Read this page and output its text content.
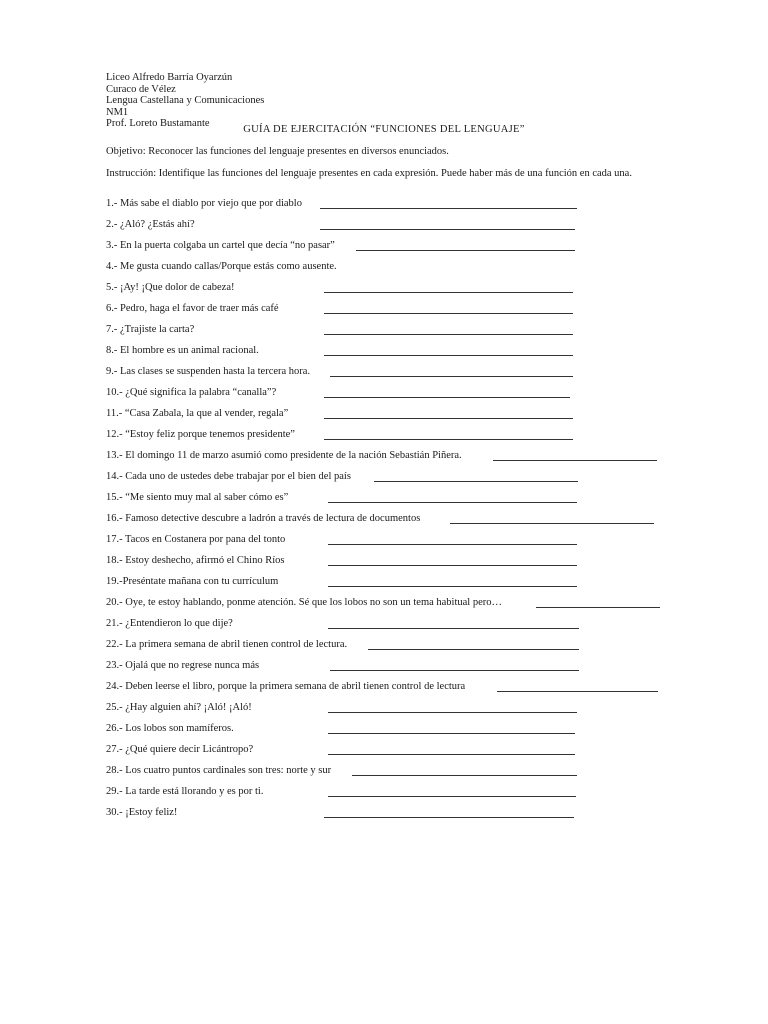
Liceo Alfredo Barría Oyarzún
Curaco de Vélez
Lengua Castellana y Comunicaciones
NM1
Prof. Loreto Bustamante
GUÍA DE EJERCITACIÓN “FUNCIONES DEL LENGUAJE”
Objetivo: Reconocer las funciones del lenguaje presentes en diversos enunciados.
Instrucción: Identifique las funciones del lenguaje presentes en cada expresión. Puede haber más de una función en cada una.
1.- Más sabe el diablo por viejo que por diablo
2.- ¿Aló? ¿Estás ahí?
3.- En la puerta colgaba un cartel que decía “no pasar”
4.- Me gusta cuando callas/Porque estás como ausente.
5.- ¡Ay! ¡Que dolor de cabeza!
6.- Pedro, haga el favor de traer más café
7.- ¿Trajiste la carta?
8.- El hombre es un animal racional.
9.- Las clases se suspenden hasta la tercera hora.
10.- ¿Qué significa la palabra “canalla”?
11.- “Casa Zabala, la que al vender, regala”
12.- “Estoy feliz porque tenemos presidente”
13.- El domingo 11 de marzo asumió como presidente de la nación Sebastián Piñera.
14.- Cada uno de ustedes debe trabajar por el bien del país
15.- “Me siento muy mal al saber cómo es”
16.- Famoso detective descubre a ladrón a través de lectura de documentos
17.- Tacos en Costanera por pana del tonto
18.- Estoy deshecho, afirmó el Chino Ríos
19.-Preséntate mañana con tu currículum
20.- Oye, te estoy hablando, ponme atención. Sé que los lobos no son un tema habitual pero…
21.- ¿Entendieron lo que dije?
22.- La primera semana de abril tienen control de lectura.
23.- Ojalá que no regrese nunca más
24.- Deben leerse el libro, porque la primera semana de abril tienen control de lectura
25.- ¿Hay alguien ahí? ¡Aló! ¡Aló!
26.- Los lobos son mamíferos.
27.- ¿Qué quiere decir Licántropo?
28.- Los cuatro puntos cardinales son tres: norte y sur
29.- La tarde está llorando y es por ti.
30.- ¡Estoy feliz!
